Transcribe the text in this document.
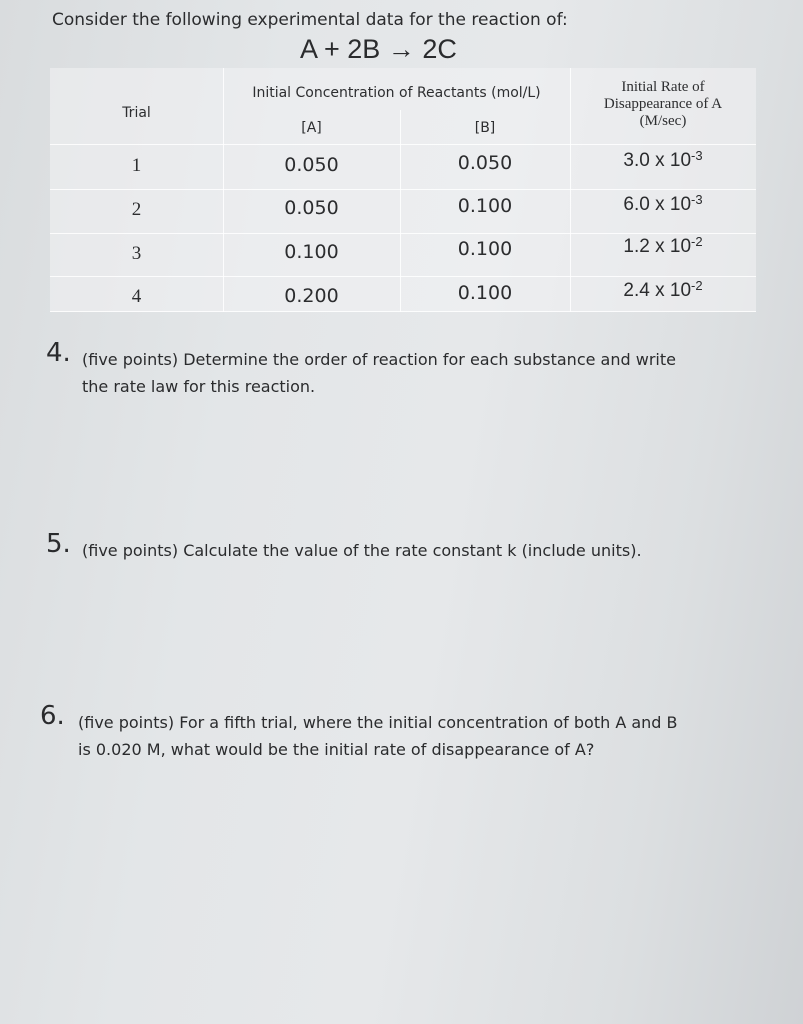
Consider the following experimental data for the reaction of:
A + 2B → 2C
Trial
Initial Concentration of Reactants (mol/L)
[A]	[B]
Initial Rate of
Disappearance of A
(M/sec)
1	0.050	0.050	3.0 x $10^{-3}$
2	0.050	0.100	6.0 x $10^{-3}$
3	0.100	0.100	1.2 x $10^{-2}$
4	0.200	0.100	2.4 x $10^{-2}$
4. (five points) Determine the order of reaction for each substance and write
the rate law for this reaction.
5. (five points) Calculate the value of the rate constant k (include units).
6. (five points) For a fifth trial, where the initial concentration of both A and B
is 0.020 M, what would be the initial rate of disappearance of A?
